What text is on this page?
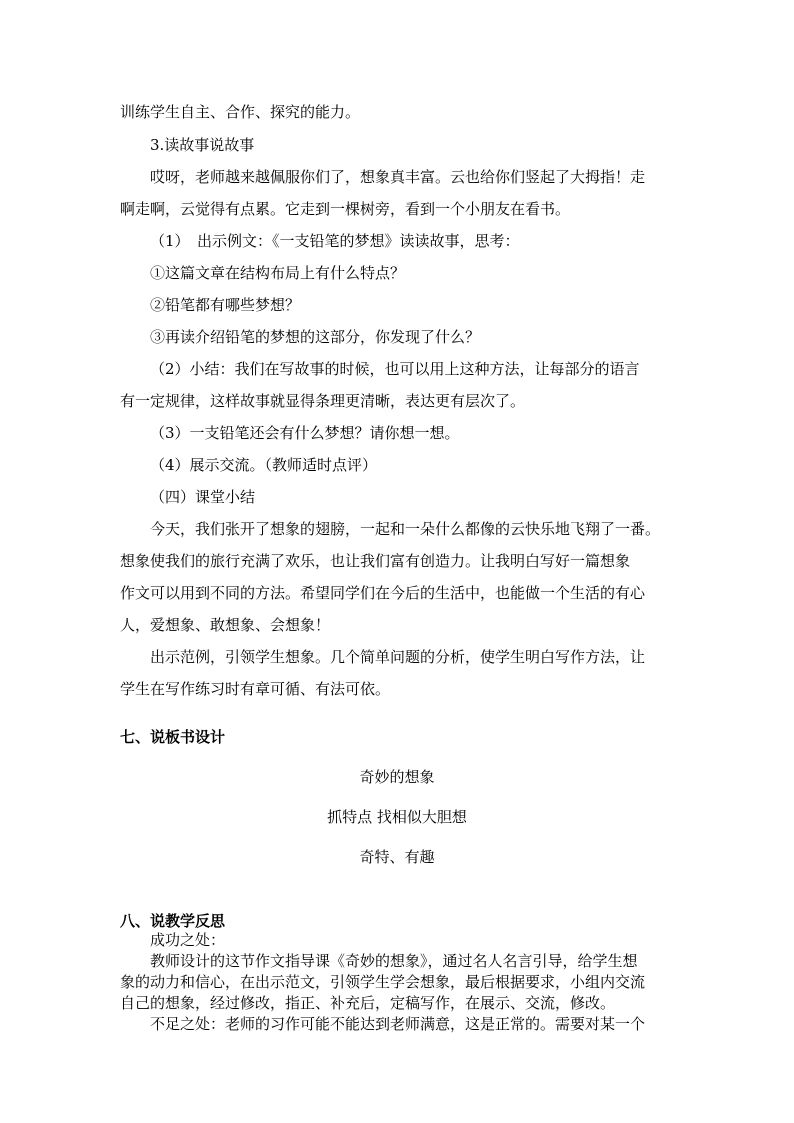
训练学生自主、合作、探究的能力。
3.读故事说故事
哎呀，老师越来越佩服你们了，想象真丰富。云也给你们竖起了大拇指！走
啊走啊，云觉得有点累。它走到一棵树旁，看到一个小朋友在看书。
（1）　出示例文：《一支铅笔的梦想》读读故事，思考：
①这篇文章在结构布局上有什么特点？
②铅笔都有哪些梦想？
③再读介绍铅笔的梦想的这部分，你发现了什么？
（2）小结：我们在写故事的时候，也可以用上这种方法，让每部分的语言
有一定规律，这样故事就显得条理更清晰，表达更有层次了。
（3）一支铅笔还会有什么梦想？请你想一想。
（4）展示交流。（教师适时点评）
（四）课堂小结
今天，我们张开了想象的翅膀，一起和一朵什么都像的云快乐地飞翔了一番。
想象使我们的旅行充满了欢乐，也让我们富有创造力。让我明白写好一篇想象
作文可以用到不同的方法。希望同学们在今后的生活中，也能做一个生活的有心
人，爱想象、敢想象、会想象！
出示范例，引领学生想象。几个简单问题的分析，使学生明白写作方法，让
学生在写作练习时有章可循、有法可依。
七、说板书设计
奇妙的想象
抓特点 找相似大胆想
奇特、有趣
八、说教学反思
成功之处：
教师设计的这节作文指导课《奇妙的想象》，通过名人名言引导，给学生想
象的动力和信心，在出示范文，引领学生学会想象，最后根据要求，小组内交流
自己的想象，经过修改，指正、补充后，定稿写作，在展示、交流，修改。
不足之处：老师的习作可能不能达到老师满意，这是正常的。需要对某一个
